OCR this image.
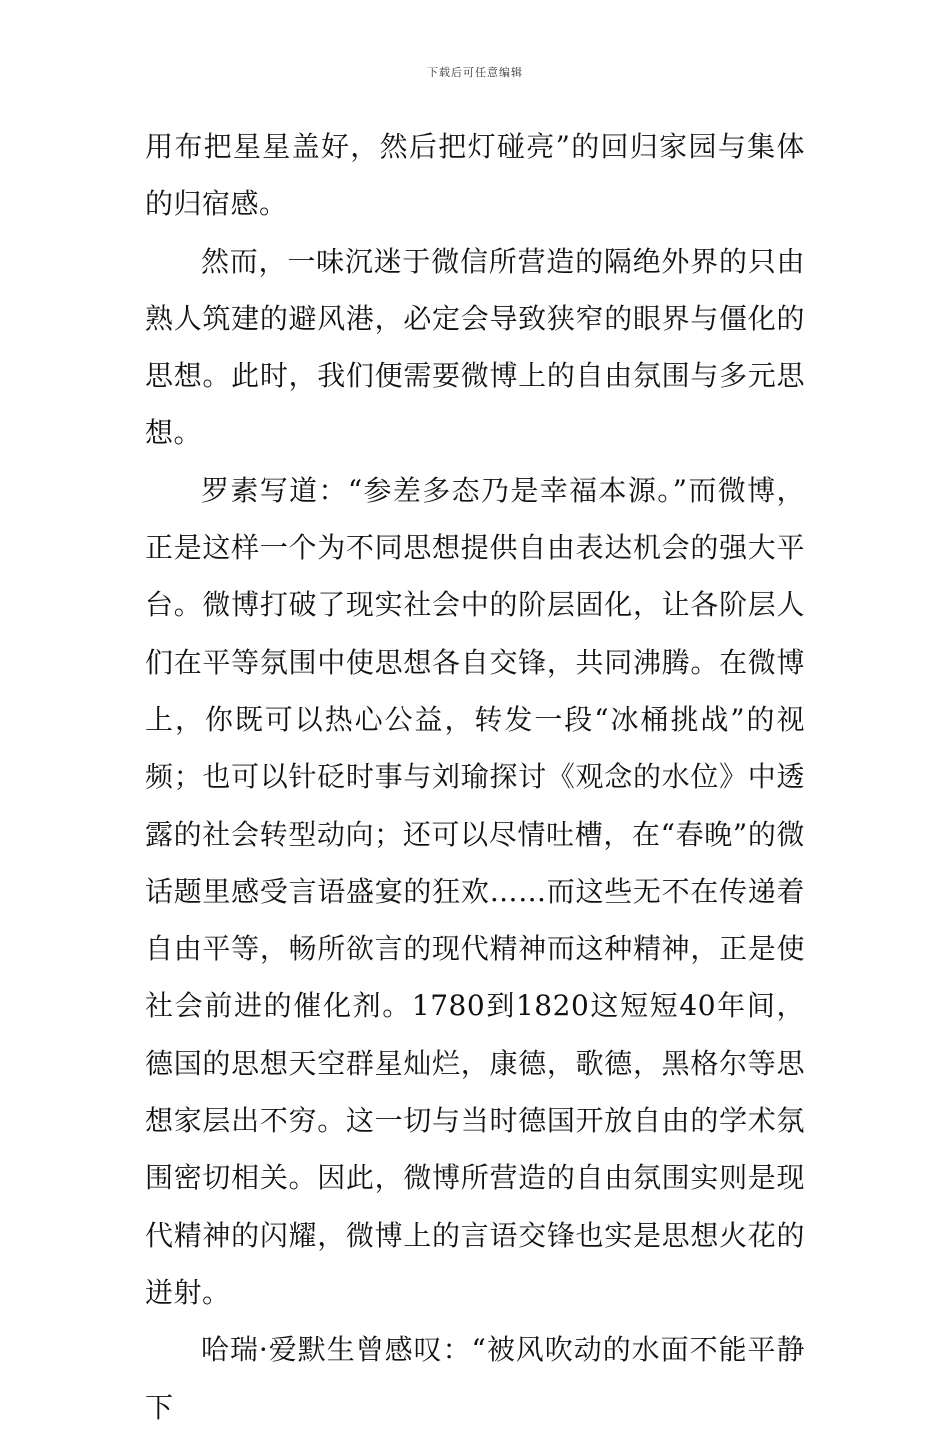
下载后可任意编辑

用布把星星盖好，然后把灯碰亮”的回归家园与集体的归宿感。

然而，一味沉迷于微信所营造的隔绝外界的只由熟人筑建的避风港，必定会导致狭窄的眼界与僵化的思想。此时，我们便需要微博上的自由氛围与多元思想。

罗素写道：“参差多态乃是幸福本源。”而微博，正是这样一个为不同思想提供自由表达机会的强大平台。微博打破了现实社会中的阶层固化，让各阶层人们在平等氛围中使思想各自交锋，共同沸腾。在微博上，你既可以热心公益，转发一段“冰桶挑战”的视频；也可以针砭时事与刘瑜探讨《观念的水位》中透露的社会转型动向；还可以尽情吐槽，在“春晚”的微话题里感受言语盛宴的狂欢……而这些无不在传递着自由平等，畅所欲言的现代精神而这种精神，正是使社会前进的催化剂。1780到1820这短短40年间，德国的思想天空群星灿烂，康德，歌德，黑格尔等思想家层出不穷。这一切与当时德国开放自由的学术氛围密切相关。因此，微博所营造的自由氛围实则是现代精神的闪耀，微博上的言语交锋也实是思想火花的迸射。

哈瑞·爱默生曾感叹：“被风吹动的水面不能平静下
